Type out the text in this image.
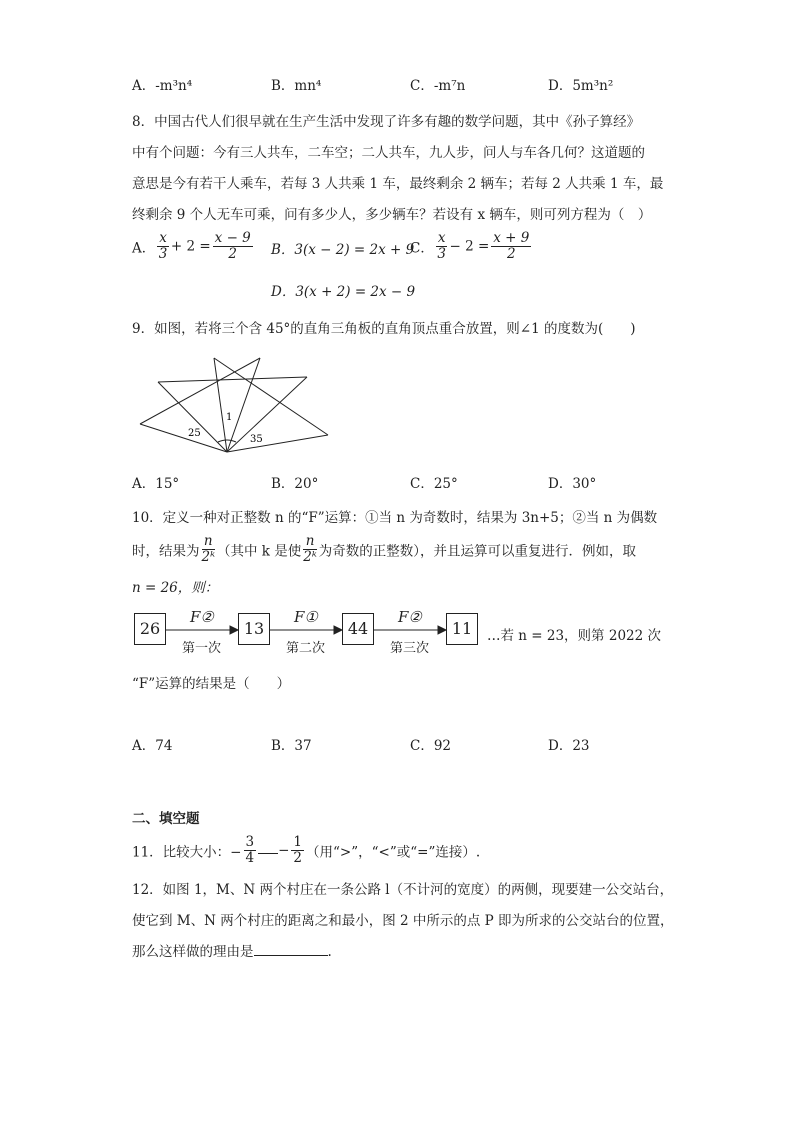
A．-m³n⁴	B．mn⁴	C．-m⁷n	D．5m³n²
8．中国古代人们很早就在生产生活中发现了许多有趣的数学问题，其中《孙子算经》
中有个问题：今有三人共车，二车空；二人共车，九人步，问人与车各几何？这道题的
意思是今有若干人乘车，若每 3 人共乘 1 车，最终剩余 2 辆车；若每 2 人共乘 1 车，最
终剩余 9 个人无车可乘，问有多少人，多少辆车？若设有 x 辆车，则可列方程为（　）
A． $\frac{x}{3} + 2 = \frac{x - 9}{2}$ B．3(x − 2) = 2x + 9
C． $\frac{x}{3} - 2 = \frac{x + 9}{2}$
D．3(x + 2) = 2x − 9
9．如图，若将三个含 45°的直角三角板的直角顶点重合放置，则∠1 的度数为(　　)
1
25
35
A．15°	B．20°	C．25°	D．30°
10．定义一种对正整数 n 的“F”运算：①当 n 为奇数时，结果为 3n+5；②当 n 为偶数
时，结果为 $\frac{n}{\text{2ᵏ}}$ （其中 k 是使 $\frac{n}{\text{2ᵏ}}$ 为奇数的正整数），并且运算可以重复进行．例如，取
n = 26，则：
26	13	44	11
F②	F①	F②
第一次	第二次	第三次
…若 n = 23，则第 2022 次
“F”运算的结果是（　　）
A．74	B．37	C．92	D．23
二、填空题
11．比较大小：− $\frac{3}{4} - \frac{1}{2}$ （用“>”，“<”或“=”连接）.
12．如图 1，M、N 两个村庄在一条公路 l（不计河的宽度）的两侧，现要建一公交站台，
使它到 M、N 两个村庄的距离之和最小，图 2 中所示的点 P 即为所求的公交站台的位置，
那么这样做的理由是	.
